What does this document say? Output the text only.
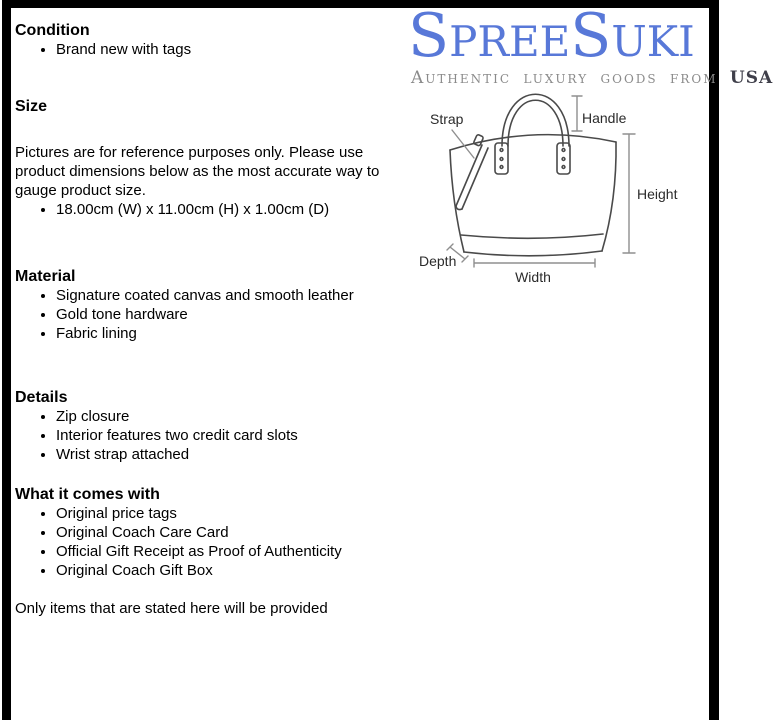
Condition
• Brand new with tags
Size

Pictures are for reference purposes only. Please use product dimensions below as the most accurate way to gauge product size.

• 18.00cm (W) x 11.00cm (H) x 1.00cm (D)
Material
• Signature coated canvas and smooth leather
• Gold tone hardware
• Fabric lining
Details
• Zip closure
• Interior features two credit card slots
• Wrist strap attached
What it comes with
• Original price tags
• Original Coach Care Card
• Official Gift Receipt as Proof of Authenticity
• Original Coach Gift Box

Only items that are stated here will be provided

SpreeSuki
Authentic luxury goods from USA
Strap	Handle
Height
Depth
Width
